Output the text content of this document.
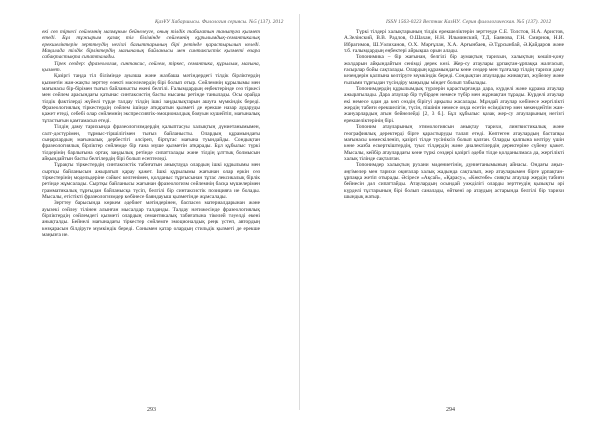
ҚазҰУ Хабаршысы. Филология сериясы. №5 (137). 2012

екі сөз тіркесі сөйлемнің мазмұнын бейнелеуге, оның тілдік табиғатын танытуға қызмет етеді. Бұл тұжырым қазақ тіл білімінде сөйлемнің құрылымдық-семантикалық ерекшеліктерін зерттеудің негізгі бағыттарының бірі ретінде қарастырылып келеді. Мақалада тілдік бірліктердің мағыналық байланысы мен синтаксистік қызметі өзара сабақтастықта сипатталады.

Тірек сөздер: фразеология, синтаксис, сөйлем, тіркес, семантика, құрылым, мағына, қызмет.

Қазіргі таңда тіл білімінде ауызша және жазбаша мәтіндердегі тілдік бірліктердің қызметін жан-жақты зерттеу өзекті мәселелердің бірі болып отыр. Сөйлемнің құрылымы мен мағынасы бір-бірімен тығыз байланысты екені белгілі. Ғалымдардың еңбектерінде сөз тіркесі мен сөйлем арасындағы қатынас синтаксистің басты нысаны ретінде танылады. Осы орайда тілдік фактілерді жүйелі түрде талдау тілдің ішкі заңдылықтарын ашуға мүмкіндік береді. Фразеологиялық тіркестердің сөйлем ішінде атқаратын қызметі де ерекше назар аударуды қажет етеді, себебі олар сөйлемнің экспрессивтік-эмоционалдық бояуын күшейтіп, мағыналық тұтастығын қамтамасыз етеді.

Тілдің даму тарихында фразеологизмдердің қалыптасуы халықтың дүниетанымымен, салт-дәстүрімен, тұрмыс-тіршілігімен тығыз байланысты. Олардың құрамындағы сыңарлардың мағыналық дербестігі әлсіреп, біртұтас мағына туындайды. Сондықтан фразеологиялық бірліктер сөйлемде бір ғана мүше қызметін атқарады. Бұл құбылыс түркі тілдерінің барлығына ортақ заңдылық ретінде сипатталады және тілдің ұлттық болмысын айқындайтын басты белгілердің бірі болып есептеледі.

Тұрақты тіркестердің синтаксистік табиғатын анықтауда олардың ішкі құрылымы мен сыртқы байланысын ажыратып қарау қажет. Ішкі құрылымы жағынан олар еркін сөз тіркестерінің модельдеріне сәйкес келгенімен, қолданыс тұрғысынан тұтас лексикалық бірлік ретінде жұмсалады. Сыртқы байланысы жағынан фразеологизм сөйлемнің басқа мүшелерімен грамматикалық тұрғыдан байланысқа түсіп, белгілі бір синтаксистік позицияға ие болады. Мысалы, етістікті фразеологизмдер көбінесе баяндауыш қызметінде жұмсалады.

Зерттеу барысында көркем әдебиет мәтіндерінен, баспасөз материалдарынан және ауызекі сөйлеу тілінен алынған мысалдар талданды. Талдау нәтижесінде фразеологиялық бірліктердің сөйлемдегі қызметі олардың семантикалық табиғатына тікелей тәуелді екені анықталды. Бейнелі мағынадағы тіркестер сөйлемге эмоционалдық реңк үстеп, автордың көзқарасын білдіруге мүмкіндік береді. Сонымен қатар олардың стильдік қызметі де ерекше маңызға ие.

293
ISSN 1563-0223 Вестник КазНУ. Серия филологическая. №5 (137). 2012

Түркі тілдері халықтарының тілдік ерекшеліктерін зерттеуде С.Е. Толстов, Н.А. Аристов, А.Зелінский, В.В. Радлов, О.Шахан, Н.Н. Ильминский, Т.Д. Баянова, Г.Н. Смирнов, Н.И. Ибрагимов, Ш.Уәлиханов, О.Х. Мәрғұлан, Х.А. Арғынбаев, Ә.Тұрсынбай, Ә.Қайдаров және т.б. ғалымдардың еңбектері айрықша орын алады.

Топонимика – бір жағынан, белгілі бір аумақтың тарихын, халықтың көшіп-қону жолдарын айқындайтын сенімді дерек көзі. Жер-су атаулары ұрпақтан-ұрпаққа жалғасып, ғасырлар бойы сақталады. Олардың құрамындағы көне сөздер мен тұлғалар тілдің тарихи даму кезеңдерін қалпына келтіруге мүмкіндік береді. Сондықтан атауларды жинақтап, жүйелеу және ғылыми тұрғыдан түсіндіру маңызды міндет болып табылады.

Топонимдердің құрылымдық түрлерін қарастырғанда дара, күрделі және құрама атаулар ажыратылады. Дара атаулар бір түбірден немесе түбір мен жұрнақтан тұрады. Күрделі атаулар екі немесе одан да көп сөздің бірігуі арқылы жасалады. Мұндай атаулар көбінесе жергілікті жердің табиғи ерекшелігін, түсін, пішінін немесе онда өсетін өсімдіктер мен мекендейтін жан-жануарлардың атын бейнелейді [2, 3 б.]. Бұл құбылыс қазақ жер-су атауларының негізгі ерекшеліктерінің бірі.

Топоним атауларының этимологиясын анықтау тарихи, лингвистикалық және географиялық деректерді бірге қарастыруды талап етеді. Көптеген атаулардың бастапқы мағынасы көмескіленіп, қазіргі тілде түсініксіз болып қалған. Оларды қалпына келтіру үшін көне жазба ескерткіштердің, туыс тілдердің және диалектілердің деректеріне сүйену қажет. Мысалы, кейбір атаулардағы көне түркі сөздері қазіргі әдеби тілде қолданылмаса да, жергілікті халық тілінде сақталған.

Топонимдер халықтың рухани мәдениетінің, дүниетанымының айнасы. Ондағы аңыз-әңгімелер мен тарихи оқиғалар халық жадында сақталып, жер атауларымен бірге ұрпақтан-ұрпаққа жетіп отырады. Әсіресе «Ақсай», «Қарасу», «Көктөбе» сияқты атаулар жердің табиғи бейнесін дәл сипаттайды. Атаулардың осындай уәжділігі оларды зерттеудің қызықты әрі күрделі тұстарының бірі болып саналады, өйткені әр атаудың астарында белгілі бір тарихи шындық жатыр.

294
